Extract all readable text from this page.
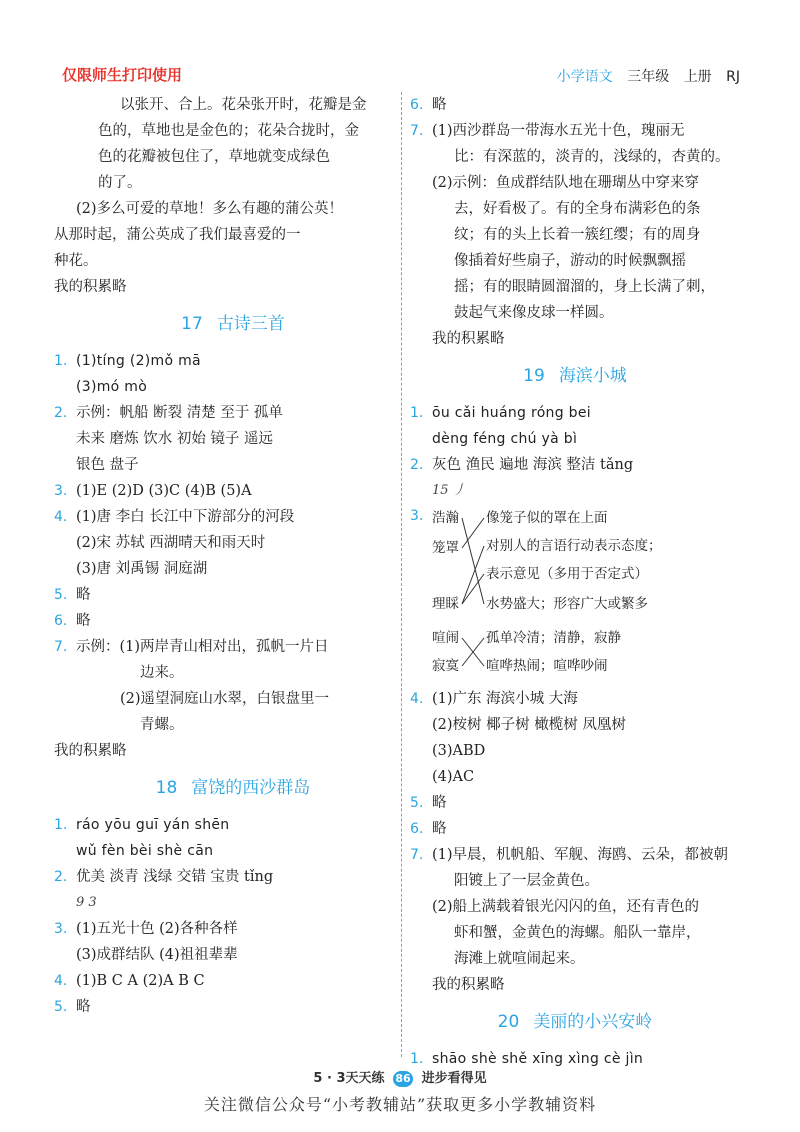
仅限师生打印使用	小学语文 三年级 上册 RJ
以张开、合上。花朵张开时，花瓣是金
色的，草地也是金色的；花朵合拢时，金
色的花瓣被包住了，草地就变成绿色
的了。
(2)多么可爱的草地！多么有趣的蒲公英！
从那时起，蒲公英成了我们最喜爱的一
种花。
我的积累略
17 古诗三首
1. (1)tíng (2)mǒ mā
(3)mó mò
2. 示例：帆船 断裂 清楚 至于 孤单
未来 磨炼 饮水 初始 镜子 遥远
银色 盘子
3. (1)E (2)D (3)C (4)B (5)A
4. (1)唐 李白 长江中下游部分的河段
(2)宋 苏轼 西湖晴天和雨天时
(3)唐 刘禹锡 洞庭湖
5. 略
6. 略
7. 示例：(1)两岸青山相对出，孤帆一片日
边来。
(2)遥望洞庭山水翠，白银盘里一
青螺。
我的积累略
18 富饶的西沙群岛
1. ráo yōu guī yán shēn
wǔ fèn bèi shè cān
2. 优美 淡青 浅绿 交错 宝贵 tǐng
9 3
3. (1)五光十色 (2)各种各样
(3)成群结队 (4)祖祖辈辈
4. (1)B C A (2)A B C
5. 略
6. 略
7. (1)西沙群岛一带海水五光十色，瑰丽无
比：有深蓝的，淡青的，浅绿的，杏黄的。
(2)示例：鱼成群结队地在珊瑚丛中穿来穿
去，好看极了。有的全身布满彩色的条
纹；有的头上长着一簇红缨；有的周身
像插着好些扇子，游动的时候飘飘摇
摇；有的眼睛圆溜溜的，身上长满了刺，
鼓起气来像皮球一样圆。
我的积累略
19 海滨小城
1. ōu cǎi huáng róng bei
dèng féng chú yà bì
2. 灰色 渔民 遍地 海滨 整洁 tǎng
15 丿
3. 浩瀚
笼罩
理睬
喧闹
寂寞
像笼子似的罩在上面
对别人的言语行动表示态度；
表示意见（多用于否定式）
水势盛大；形容广大或繁多
孤单冷清；清静，寂静
喧哗热闹；喧哗吵闹
4. (1)广东 海滨小城 大海
(2)桉树 椰子树 橄榄树 凤凰树
(3)ABD
(4)AC
5. 略
6. 略
7. (1)早晨，机帆船、军舰、海鸥、云朵，都被朝
阳镀上了一层金黄色。
(2)船上满载着银光闪闪的鱼，还有青色的
虾和蟹，金黄色的海螺。船队一靠岸，
海滩上就喧闹起来。
我的积累略
20 美丽的小兴安岭
1. shāo shè shě xīng xìng cè jìn
5 · 3天天练 86 进步看得见
关注微信公众号“小考教辅站”获取更多小学教辅资料
